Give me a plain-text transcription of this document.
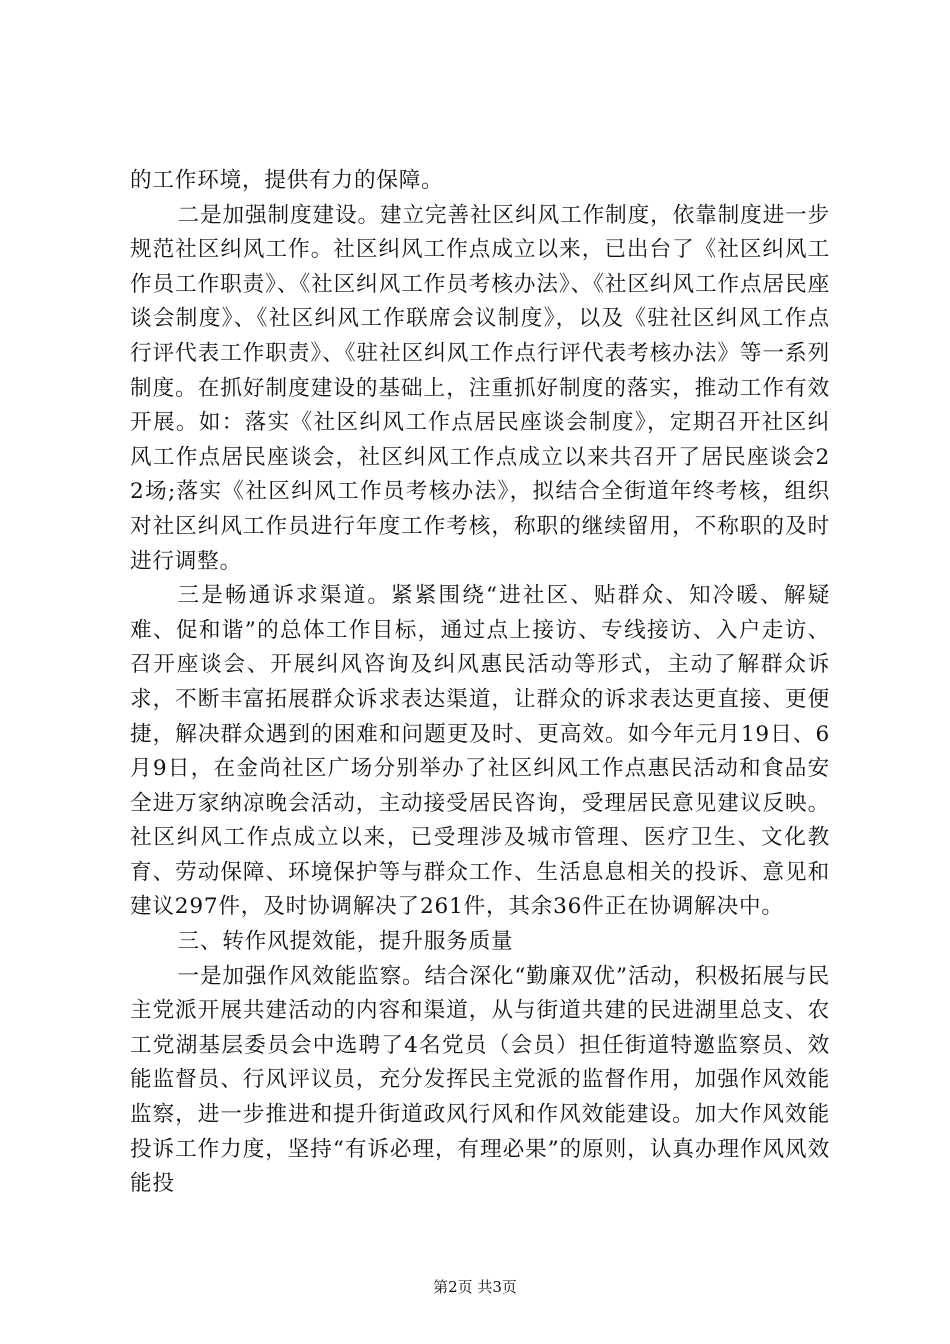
的工作环境，提供有力的保障。

二是加强制度建设。建立完善社区纠风工作制度，依靠制度进一步规范社区纠风工作。社区纠风工作点成立以来，已出台了《社区纠风工作员工作职责》、《社区纠风工作员考核办法》、《社区纠风工作点居民座谈会制度》、《社区纠风工作联席会议制度》，以及《驻社区纠风工作点行评代表工作职责》、《驻社区纠风工作点行评代表考核办法》等一系列制度。在抓好制度建设的基础上，注重抓好制度的落实，推动工作有效开展。如：落实《社区纠风工作点居民座谈会制度》，定期召开社区纠风工作点居民座谈会，社区纠风工作点成立以来共召开了居民座谈会22场;落实《社区纠风工作员考核办法》，拟结合全街道年终考核，组织对社区纠风工作员进行年度工作考核，称职的继续留用，不称职的及时进行调整。

三是畅通诉求渠道。紧紧围绕“进社区、贴群众、知冷暖、解疑难、促和谐”的总体工作目标，通过点上接访、专线接访、入户走访、召开座谈会、开展纠风咨询及纠风惠民活动等形式，主动了解群众诉求，不断丰富拓展群众诉求表达渠道，让群众的诉求表达更直接、更便捷，解决群众遇到的困难和问题更及时、更高效。如今年元月19日、6月9日，在金尚社区广场分别举办了社区纠风工作点惠民活动和食品安全进万家纳凉晚会活动，主动接受居民咨询，受理居民意见建议反映。社区纠风工作点成立以来，已受理涉及城市管理、医疗卫生、文化教育、劳动保障、环境保护等与群众工作、生活息息相关的投诉、意见和建议297件，及时协调解决了261件，其余36件正在协调解决中。

三、转作风提效能，提升服务质量

一是加强作风效能监察。结合深化“勤廉双优”活动，积极拓展与民主党派开展共建活动的内容和渠道，从与街道共建的民进湖里总支、农工党湖基层委员会中选聘了4名党员（会员）担任街道特邀监察员、效能监督员、行风评议员，充分发挥民主党派的监督作用，加强作风效能监察，进一步推进和提升街道政风行风和作风效能建设。加大作风效能投诉工作力度，坚持“有诉必理，有理必果”的原则，认真办理作风风效能投

第2页 共3页
